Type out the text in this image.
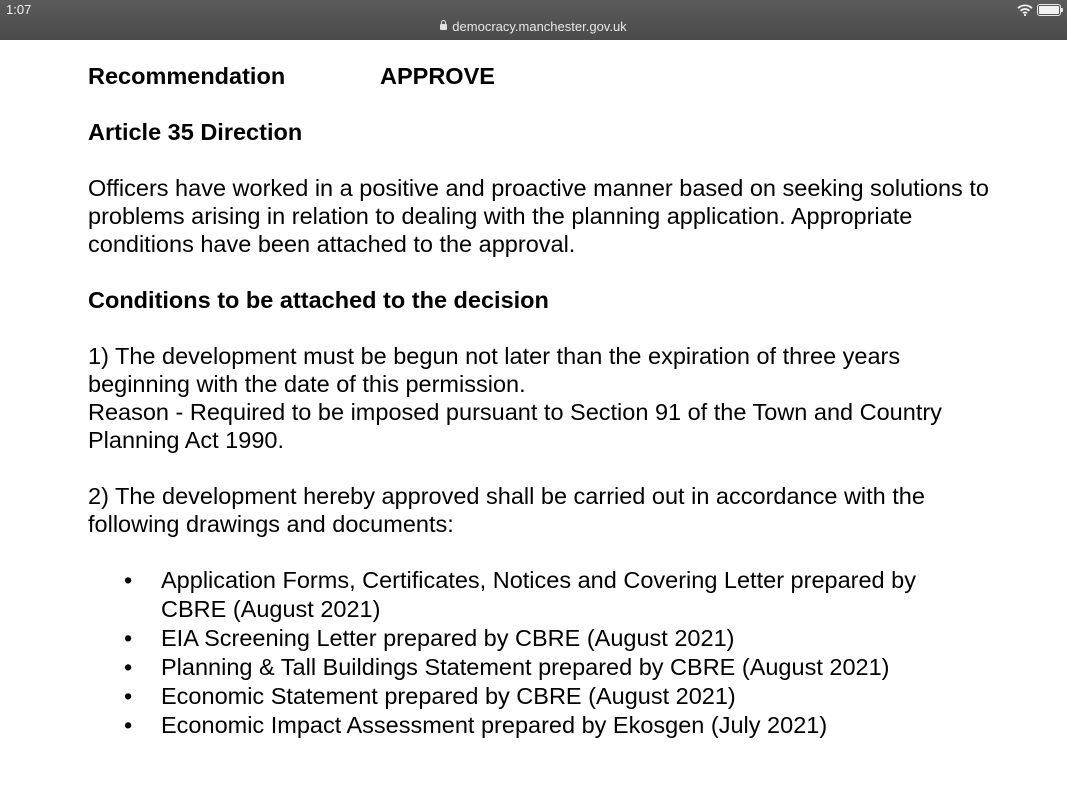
1:07
democracy.manchester.gov.uk
Recommendation	APPROVE

Article 35 Direction

Officers have worked in a positive and proactive manner based on seeking solutions to problems arising in relation to dealing with the planning application. Appropriate conditions have been attached to the approval.

Conditions to be attached to the decision

1) The development must be begun not later than the expiration of three years

beginning with the date of this permission.

Reason - Required to be imposed pursuant to Section 91 of the Town and Country

Planning Act 1990.

2) The development hereby approved shall be carried out in accordance with the

following drawings and documents:

• Application Forms, Certificates, Notices and Covering Letter prepared by
CBRE (August 2021)
• EIA Screening Letter prepared by CBRE (August 2021)
• Planning & Tall Buildings Statement prepared by CBRE (August 2021)
• Economic Statement prepared by CBRE (August 2021)
• Economic Impact Assessment prepared by Ekosgen (July 2021)
